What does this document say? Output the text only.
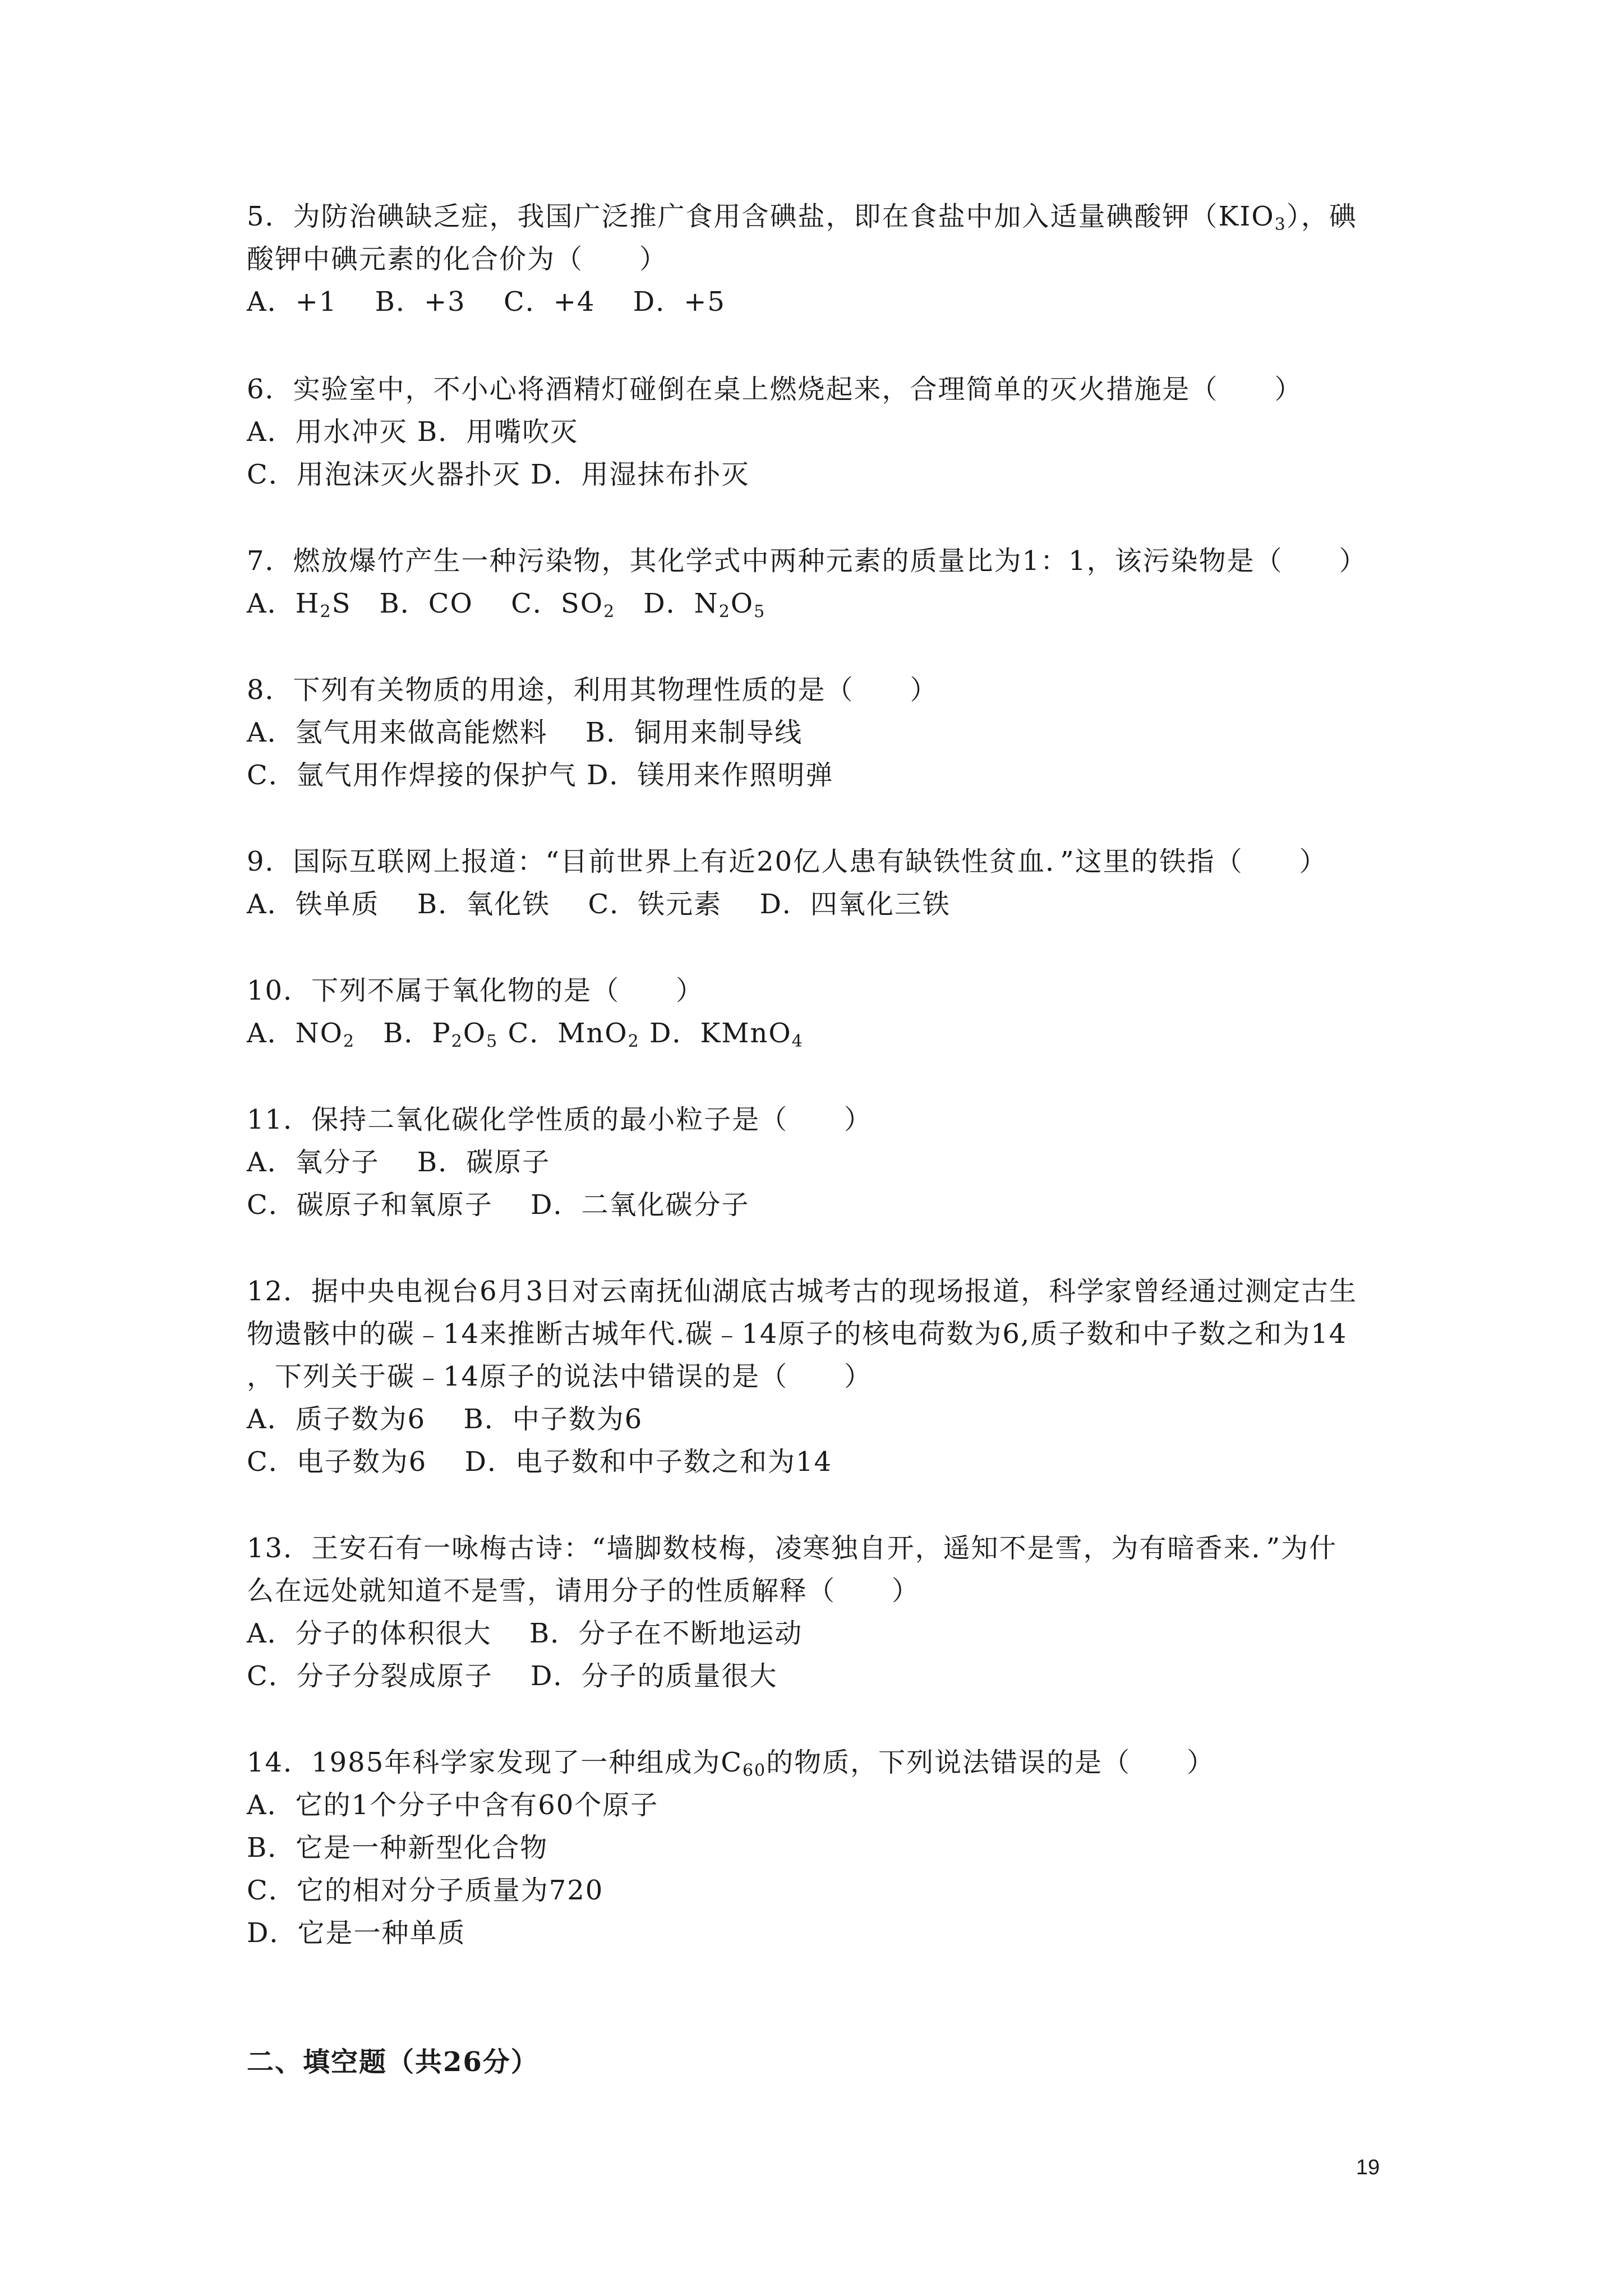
5．为防治碘缺乏症，我国广泛推广食用含碘盐，即在食盐中加入适量碘酸钾$(KIO_3)$，碘
酸钾中碘元素的化合价为（　　）
A．+1　 B．+3　 C．+4　 D．+5
6．实验室中，不小心将酒精灯碰倒在桌上燃烧起来，合理简单的灭火措施是（　　）
A．用水冲灭 B．用嘴吹灭
C．用泡沫灭火器扑灭 D．用湿抹布扑灭
7．燃放爆竹产生一种污染物，其化学式中两种元素的质量比为1：1，该污染物是（　　）
A．$H_2S$　B．CO　 C．$SO_2$　D．$N_2O_5$
8．下列有关物质的用途，利用其物理性质的是（　　）
A．氢气用来做高能燃料　 B．铜用来制导线
C．氩气用作焊接的保护气 D．镁用来作照明弹
9．国际互联网上报道：“目前世界上有近20亿人患有缺铁性贫血．”这里的铁指（　　）
A．铁单质　 B．氧化铁　 C．铁元素　 D．四氧化三铁
10．下列不属于氧化物的是（　　）
A．$NO_2$　B．$P_2O_5$ C．MnO$_2$ D．KMnO$_4$
11．保持二氧化碳化学性质的最小粒子是（　　）
A．氧分子　 B．碳原子
C．碳原子和氧原子　 D．二氧化碳分子
12．据中央电视台6月3日对云南抚仙湖底古城考古的现场报道，科学家曾经通过测定古生
物遗骸中的碳﹣14来推断古城年代.碳﹣14原子的核电荷数为6,质子数和中子数之和为14
，下列关于碳﹣14原子的说法中错误的是（　　）
A．质子数为6　 B．中子数为6
C．电子数为6　 D．电子数和中子数之和为14
13．王安石有一咏梅古诗：“墙脚数枝梅，凌寒独自开，遥知不是雪，为有暗香来．”为什
么在远处就知道不是雪，请用分子的性质解释（　　）
A．分子的体积很大　 B．分子在不断地运动
C．分子分裂成原子　 D．分子的质量很大
14．1985年科学家发现了一种组成为$C_{60}$的物质，下列说法错误的是（　　）
A．它的1个分子中含有60个原子
B．它是一种新型化合物
C．它的相对分子质量为720
D．它是一种单质
二、填空题（共26分）
19
